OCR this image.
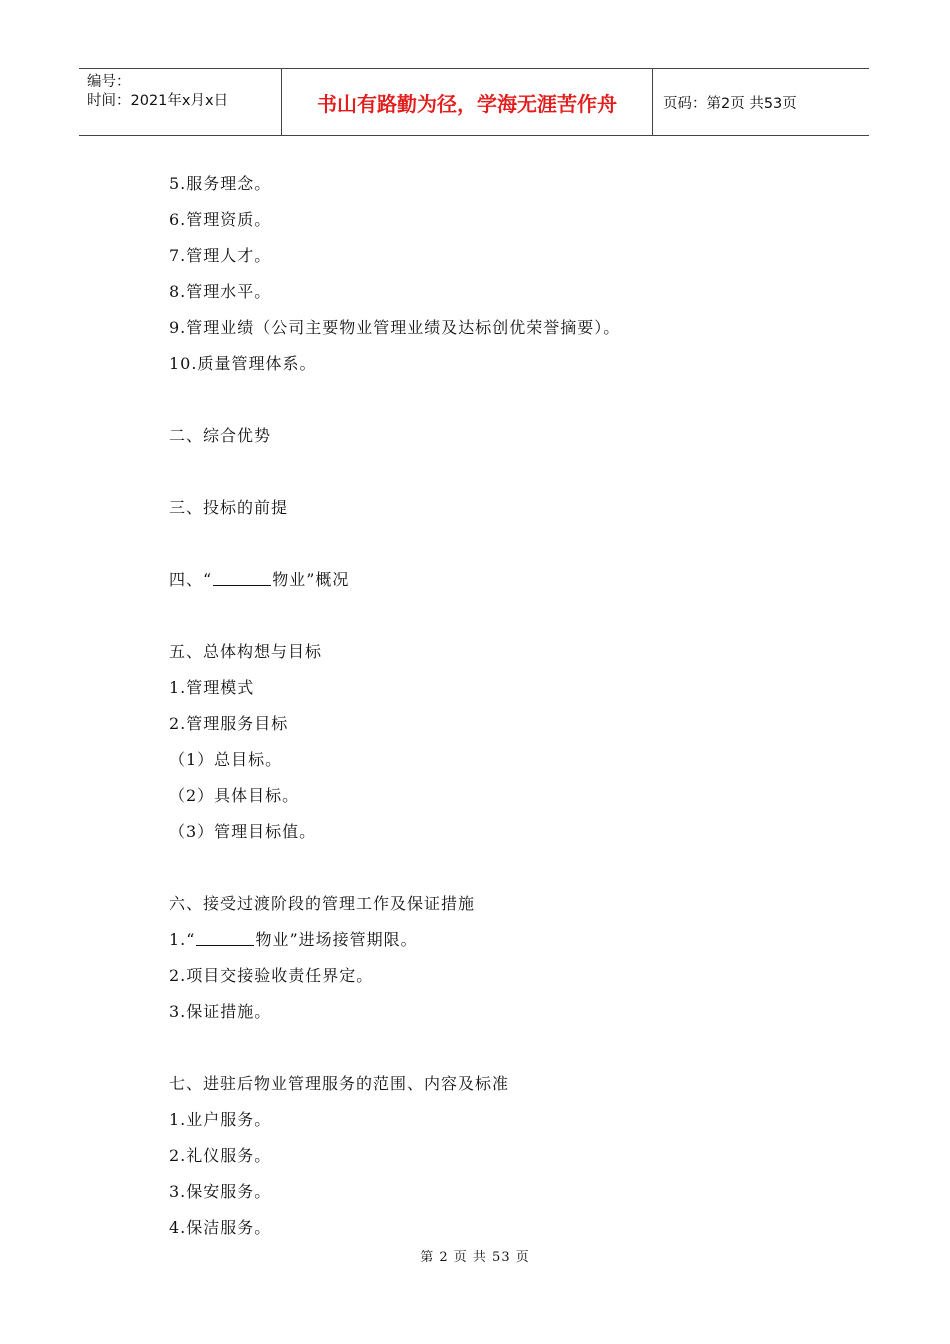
编号：
时间：2021年x月x日	书山有路勤为径，学海无涯苦作舟	页码：第2页 共53页

5.服务理念。

6.管理资质。

7.管理人才。

8.管理水平。

9.管理业绩（公司主要物业管理业绩及达标创优荣誉摘要）。

10.质量管理体系。

二、综合优势

三、投标的前提

四、“	物业”概况

五、总体构想与目标

1.管理模式

2.管理服务目标

（1）总目标。

（2）具体目标。

（3）管理目标值。

六、接受过渡阶段的管理工作及保证措施

1.“	物业”进场接管期限。

2.项目交接验收责任界定。

3.保证措施。

七、进驻后物业管理服务的范围、内容及标准

1.业户服务。

2.礼仪服务。

3.保安服务。

4.保洁服务。

第 2 页 共 53 页
